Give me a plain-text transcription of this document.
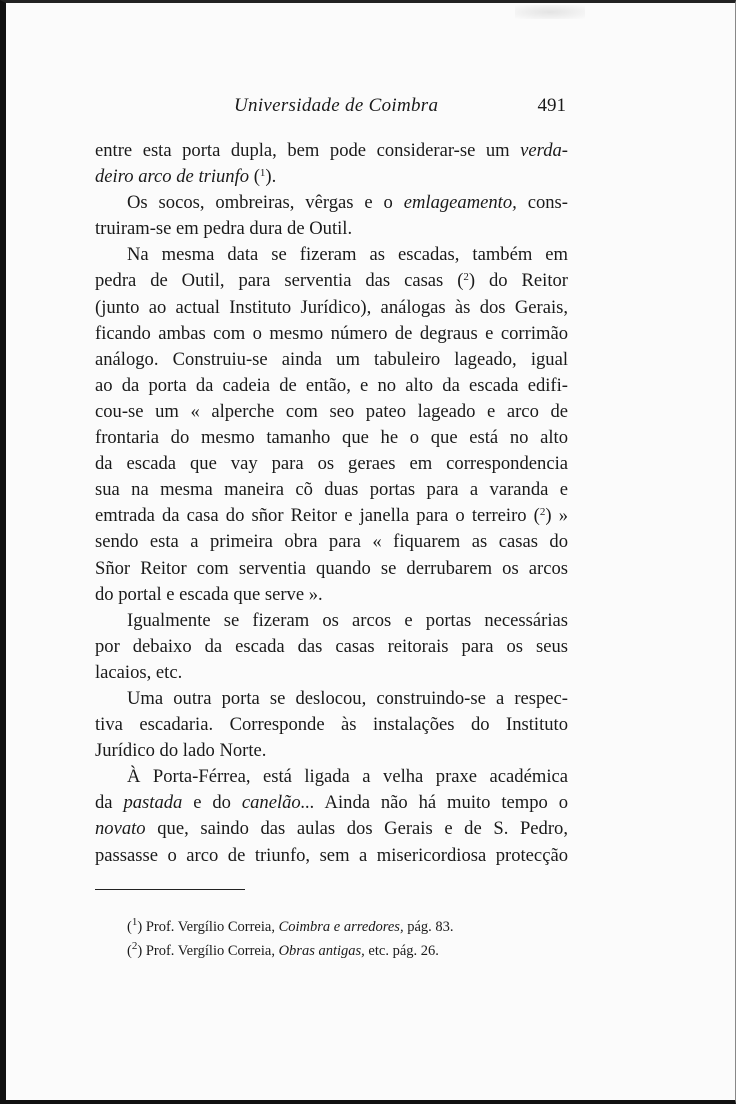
Universidade de Coimbra	491
entre esta porta dupla, bem pode considerar-se um verda-
deiro arco de triunfo ($^1$).
Os socos, ombreiras, vêrgas e o emlageamento, cons-
truiram-se em pedra dura de Outil.
Na mesma data se fizeram as escadas, também em
pedra de Outil, para serventia das casas ($^2$) do Reitor
(junto ao actual Instituto Jurídico), análogas às dos Gerais,
ficando ambas com o mesmo número de degraus e corrimão
análogo. Construiu-se ainda um tabuleiro lageado, igual
ao da porta da cadeia de então, e no alto da escada edifi-
cou-se um « alperche com seo pateo lageado e arco de
frontaria do mesmo tamanho que he o que está no alto
da escada que vay para os geraes em correspondencia
sua na mesma maneira cõ duas portas para a varanda e
emtrada da casa do sñor Reitor e janella para o terreiro ($^2$) »
sendo esta a primeira obra para « fiquarem as casas do
Sñor Reitor com serventia quando se derrubarem os arcos
do portal e escada que serve ».
Igualmente se fizeram os arcos e portas necessárias
por debaixo da escada das casas reitorais para os seus
lacaios, etc.
Uma outra porta se deslocou, construindo-se a respec-
tiva escadaria. Corresponde às instalações do Instituto
Jurídico do lado Norte.
À Porta-Férrea, está ligada a velha praxe académica
da pastada e do canelão... Ainda não há muito tempo o
novato que, saindo das aulas dos Gerais e de S. Pedro,
passasse o arco de triunfo, sem a misericordiosa protecção
($^1$) Prof. Vergílio Correia, Coimbra e arredores, pág. 83.
($^2$) Prof. Vergílio Correia, Obras antigas, etc. pág. 26.
